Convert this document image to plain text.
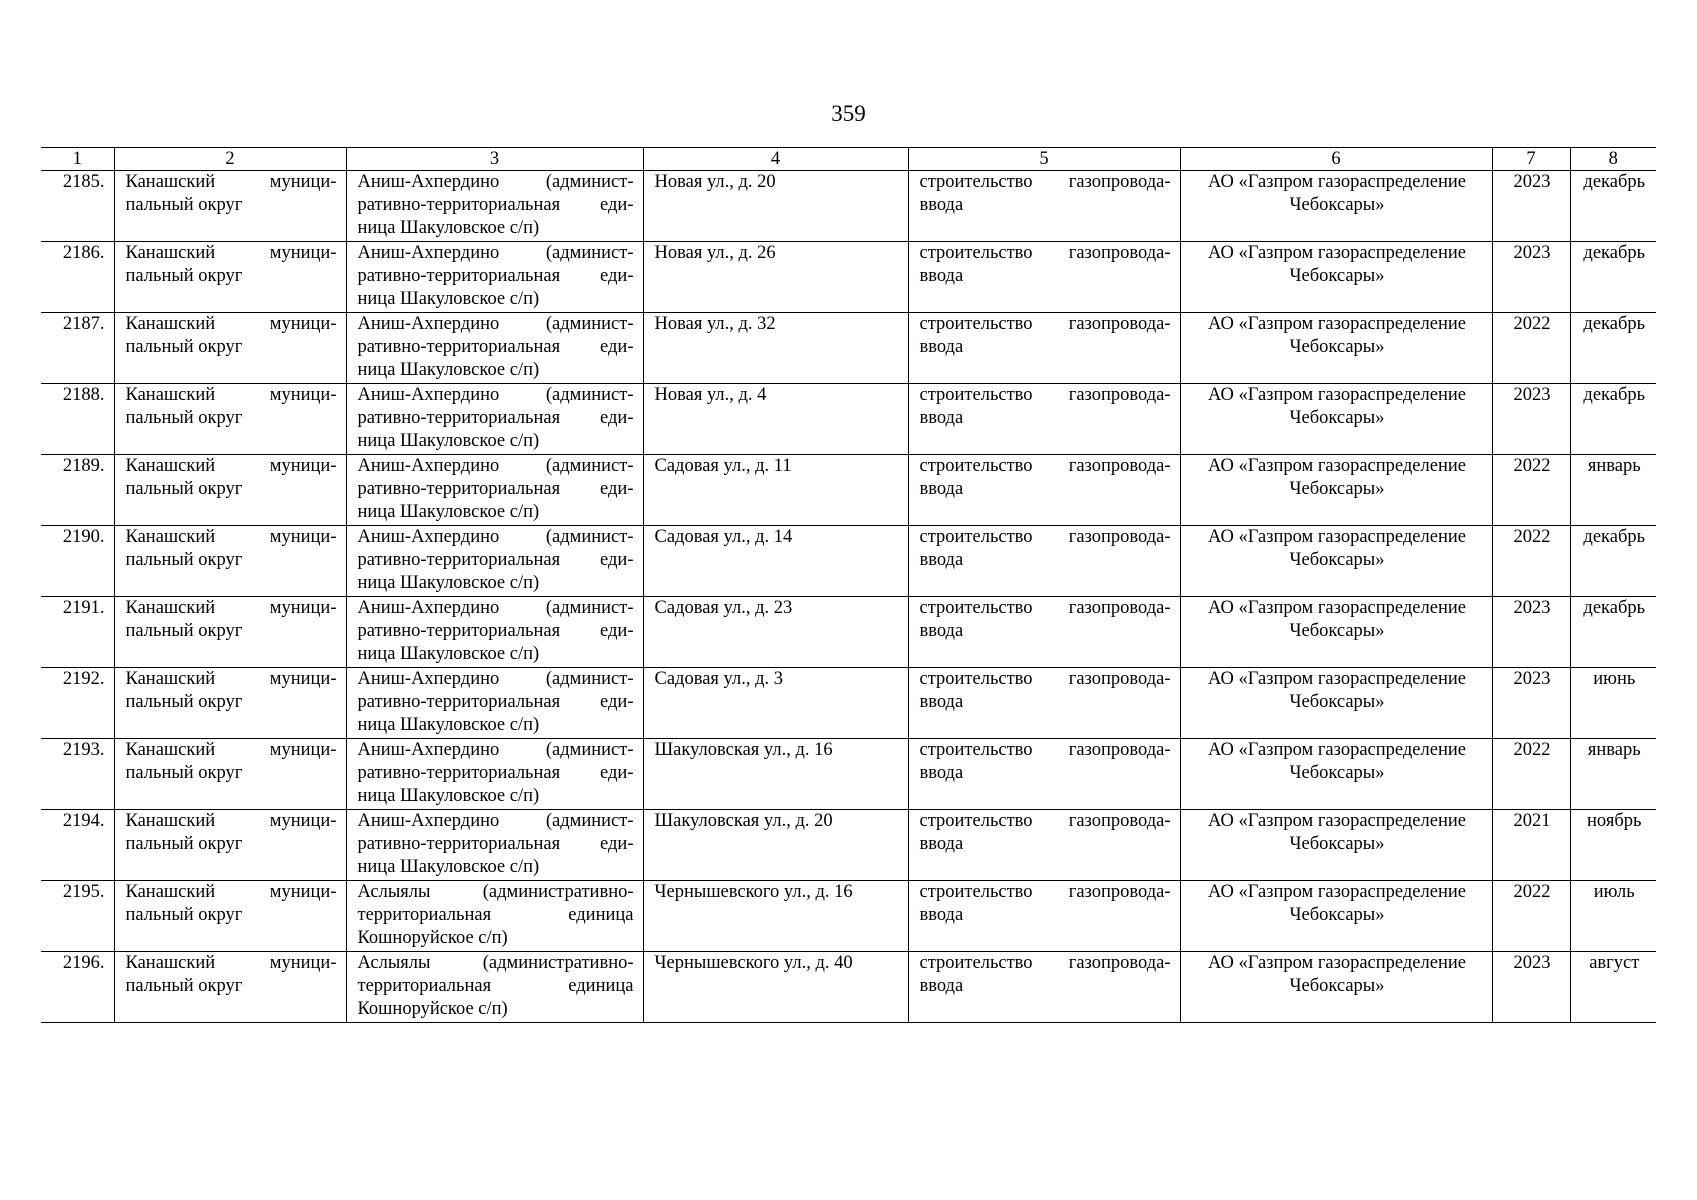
359
1	2	3	4	5	6	7	8
2185.	Канашский муници-
пальный округ	Аниш-Ахпердино (админист-
ративно-территориальная еди-
ница Шакуловское с/п)	Новая ул., д. 20	строительство газопровода-
ввода	АО «Газпром газораспределение Чебоксары»	2023	декабрь
2186.	Канашский муници-
пальный округ	Аниш-Ахпердино (админист-
ративно-территориальная еди-
ница Шакуловское с/п)	Новая ул., д. 26	строительство газопровода-
ввода	АО «Газпром газораспределение Чебоксары»	2023	декабрь
2187.	Канашский муници-
пальный округ	Аниш-Ахпердино (админист-
ративно-территориальная еди-
ница Шакуловское с/п)	Новая ул., д. 32	строительство газопровода-
ввода	АО «Газпром газораспределение Чебоксары»	2022	декабрь
2188.	Канашский муници-
пальный округ	Аниш-Ахпердино (админист-
ративно-территориальная еди-
ница Шакуловское с/п)	Новая ул., д. 4	строительство газопровода-
ввода	АО «Газпром газораспределение Чебоксары»	2023	декабрь
2189.	Канашский муници-
пальный округ	Аниш-Ахпердино (админист-
ративно-территориальная еди-
ница Шакуловское с/п)	Садовая ул., д. 11	строительство газопровода-
ввода	АО «Газпром газораспределение Чебоксары»	2022	январь
2190.	Канашский муници-
пальный округ	Аниш-Ахпердино (админист-
ративно-территориальная еди-
ница Шакуловское с/п)	Садовая ул., д. 14	строительство газопровода-
ввода	АО «Газпром газораспределение Чебоксары»	2022	декабрь
2191.	Канашский муници-
пальный округ	Аниш-Ахпердино (админист-
ративно-территориальная еди-
ница Шакуловское с/п)	Садовая ул., д. 23	строительство газопровода-
ввода	АО «Газпром газораспределение Чебоксары»	2023	декабрь
2192.	Канашский муници-
пальный округ	Аниш-Ахпердино (админист-
ративно-территориальная еди-
ница Шакуловское с/п)	Садовая ул., д. 3	строительство газопровода-
ввода	АО «Газпром газораспределение Чебоксары»	2023	июнь
2193.	Канашский муници-
пальный округ	Аниш-Ахпердино (админист-
ративно-территориальная еди-
ница Шакуловское с/п)	Шакуловская ул., д. 16	строительство газопровода-
ввода	АО «Газпром газораспределение Чебоксары»	2022	январь
2194.	Канашский муници-
пальный округ	Аниш-Ахпердино (админист-
ративно-территориальная еди-
ница Шакуловское с/п)	Шакуловская ул., д. 20	строительство газопровода-
ввода	АО «Газпром газораспределение Чебоксары»	2021	ноябрь
2195.	Канашский муници-
пальный округ	Аслыялы (административно-
территориальная единица
Кошноруйское с/п)	Чернышевского ул., д. 16	строительство газопровода-
ввода	АО «Газпром газораспределение Чебоксары»	2022	июль
2196.	Канашский муници-
пальный округ	Аслыялы (административно-
территориальная единица
Кошноруйское с/п)	Чернышевского ул., д. 40	строительство газопровода-
ввода	АО «Газпром газораспределение Чебоксары»	2023	август
